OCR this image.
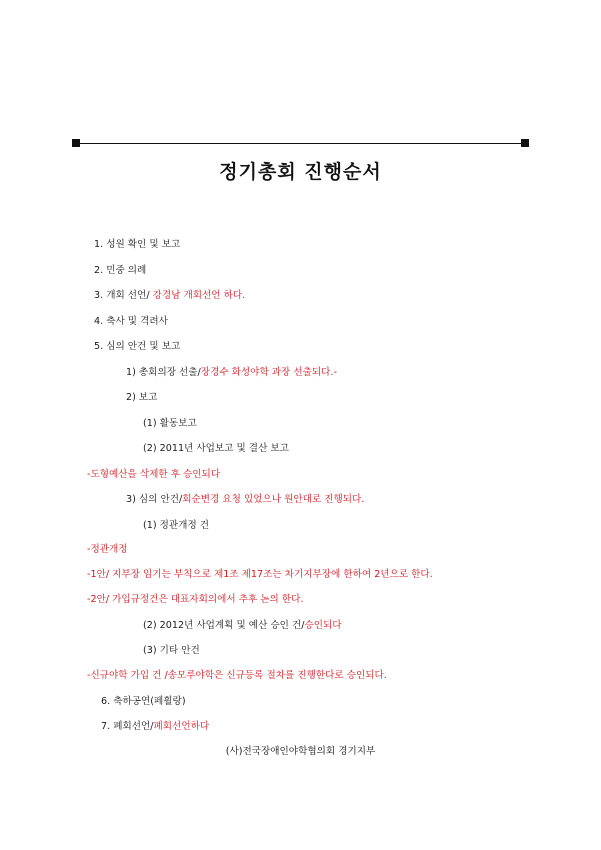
정기총회 진행순서
1. 성원 확인 및 보고
2. 민중 의례
3. 개회 선언/ 강경남 개회선언 하다.
4. 축사 및 격려사
5. 심의 안건 및 보고
1) 총회의장 선출/장경수 화성야학 과장 선출되다.-
2) 보고
(1) 활동보고
(2) 2011년 사업보고 및 결산 보고
-도형예산을 삭제한 후 승인되다
3) 심의 안건/회순변경 요청 있었으나 원안대로 진행되다.
(1) 정관개정 건
-정관개정
-1안/ 지부장 임기는 부칙으로 제1조 제17조는 차기지부장에 한하여 2년으로 한다.
-2안/ 가입규정건은 대표자회의에서 추후 논의 한다.
(2) 2012년 사업계획 및 예산 승인 건/승인되다
(3) 기타 안건
-신규야학 가입 건 /송모루야학은 신규등록 절차를 진행한다로 승인되다.
6. 축하공연(페휠랑)
7. 폐회선언/폐회선언하다
(사)전국장애인야학협의회 경기지부
